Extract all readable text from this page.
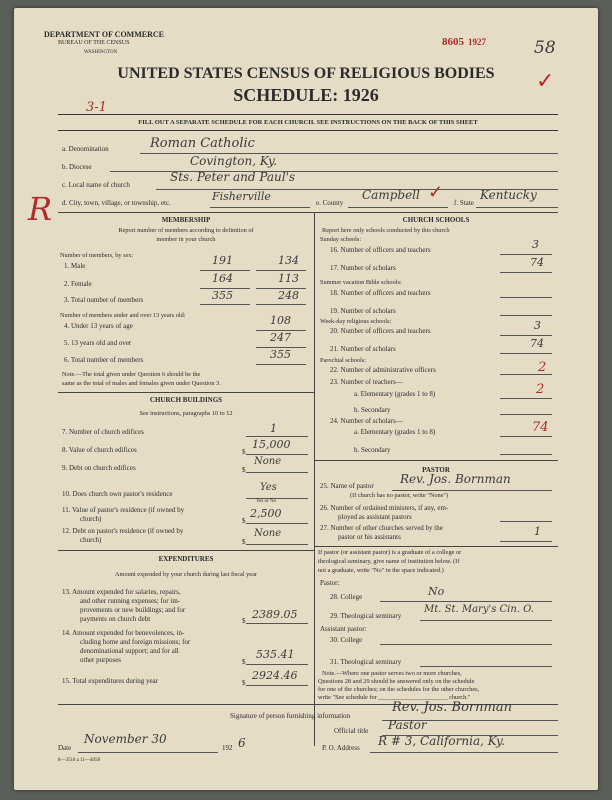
DEPARTMENT OF COMMERCE
BUREAU OF THE CENSUS
WASHINGTON
8605 1927	58
✓
UNITED STATES CENSUS OF RELIGIOUS BODIES
SCHEDULE: 1926
3-1
FILL OUT A SEPARATE SCHEDULE FOR EACH CHURCH. SEE INSTRUCTIONS ON THE BACK OF THIS SHEET
a. Denomination	Roman Catholic
b. Diocese	Covington, Ky.
c. Local name of church
Sts. Peter and Paul's
d. City, town, village, or township, etc.	Fisherville	e. County
Campbell ✓
f. State
Kentucky
R	MEMBERSHIP
Report number of members according to definition of
member in your church
Number of members, by sex:
1. Male	191	134
2. Female	164	113
3. Total number of members	355	248
Number of members under and over 13 years old:
4. Under 13 years of age	108
5. 13 years old and over	247
6. Total number of members	355
Note.—The total given under Question 6 should be the
same as the total of males and females given under Question 3.
CHURCH BUILDINGS
See instructions, paragraphs 10 to 12
7. Number of church edifices	1
8. Value of church edifices	$
15,000
9. Debt on church edifices	$
None
10. Does church own pastor's residence
Yes
Yes or No
11. Value of pastor's residence (if owned by
church)	$
2,500
12. Debt on pastor's residence (if owned by
church)	$
None
EXPENDITURES
Amount expended by your church during last fiscal year
13. Amount expended for salaries, repairs,
and other running expenses; for im-
provements or new buildings; and for
payments on church debt	$ 2389.05
14. Amount expended for benevolences, in-
cluding home and foreign missions; for
denominational support; and for all
other purposes	$
535.41
15. Total expenditures during year	$
2924.46
CHURCH SCHOOLS
Report here only schools conducted by this church
Sunday schools:
16. Number of officers and teachers	3
17. Number of scholars	74
Summer vacation Bible schools:
18. Number of officers and teachers
19. Number of scholars
Week-day religious schools:
20. Number of officers and teachers	3
21. Number of scholars	74
Parochial schools:
22. Number of administrative officers	2
23. Number of teachers—
a. Elementary (grades 1 to 8)	2
b. Secondary
24. Number of scholars—
a. Elementary (grades 1 to 8)	74
b. Secondary
PASTOR
25. Name of pastor Rev. Jos. Bornman
(If church has no pastor, write "None")
26. Number of ordained ministers, if any, em-
ployed as assistant pastors
27. Number of other churches served by the
pastor or his assistants	1
If pastor (or assistant pastor) is a graduate of a college or
theological seminary, give name of institution below. (If
not a graduate, write "No" in the space indicated.)
Pastor:
28. College	No
29. Theological seminary
Mt. St. Mary's Cin. O.
Assistant pastor:
30. College
31. Theological seminary
Note.—Where one pastor serves two or more churches,
Questions 28 and 29 should be answered only on the schedule
for one of the churches; on the schedules for the other churches,
write "See schedule for ______________________ church."
Signature of person furnishing information
Rev. Jos. Bornman
Official title Pastor
Date
November 30
192 6	P. O. Address R # 3, California, Ky.
8—3518 a 11—4058
